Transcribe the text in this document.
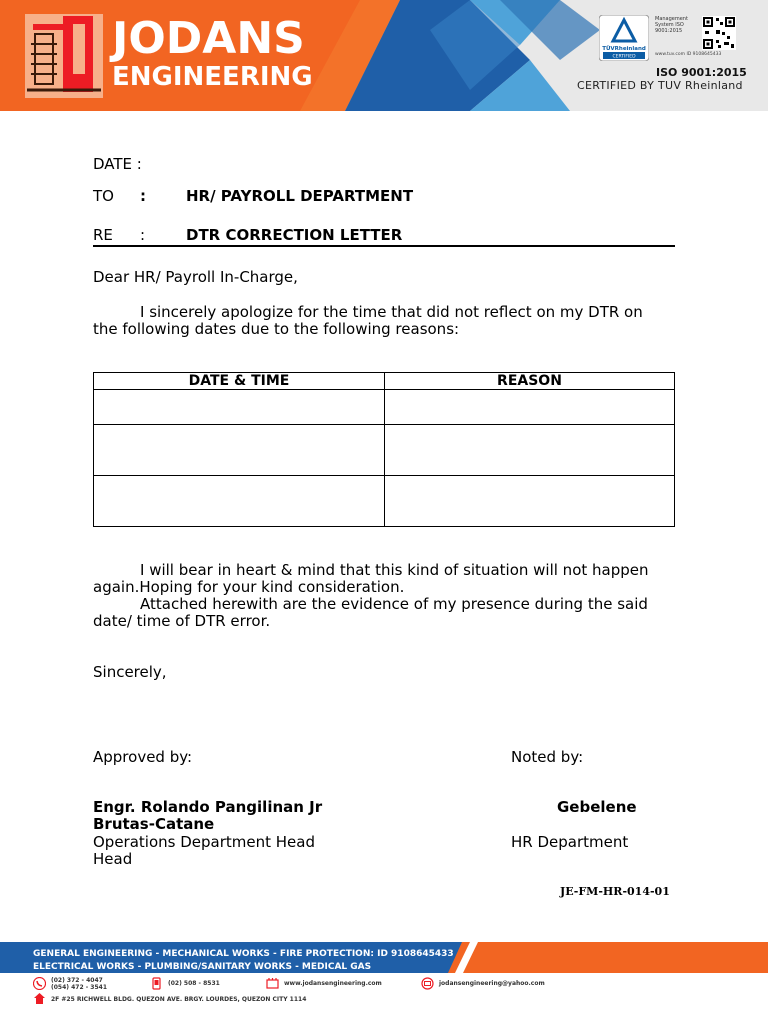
JODANS
ENGINEERING
TÜVRheinland
CERTIFIED
Management System ISO 9001:2015
www.tuv.com ID 9108645433
ISO 9001:2015
CERTIFIED BY TUV Rheinland
DATE :
TO :	HR/ PAYROLL DEPARTMENT
RE :	DTR CORRECTION LETTER
Dear HR/ Payroll In-Charge,
I sincerely apologize for the time that did not reflect on my DTR on
the following dates due to the following reasons:
DATE & TIME	REASON

I will bear in heart & mind that this kind of situation will not happen
again.Hoping for your kind consideration.
Attached herewith are the evidence of my presence during the said
date/ time of DTR error.
Sincerely,
Approved by:	Noted by:
Engr. Rolando Pangilinan Jr	Gebelene
Brutas-Catane
Operations Department Head	HR Department
Head
JE-FM-HR-014-01
GENERAL ENGINEERING - MECHANICAL WORKS - FIRE PROTECTION: ID 9108645433
ELECTRICAL WORKS - PLUMBING/SANITARY WORKS - MEDICAL GAS
(02) 372 - 4047
(054) 472 - 3541
(02) 508 - 8531	www.jodansengineering.com	jodansengineering@yahoo.com
2F #25 RICHWELL BLDG. QUEZON AVE. BRGY. LOURDES, QUEZON CITY 1114
